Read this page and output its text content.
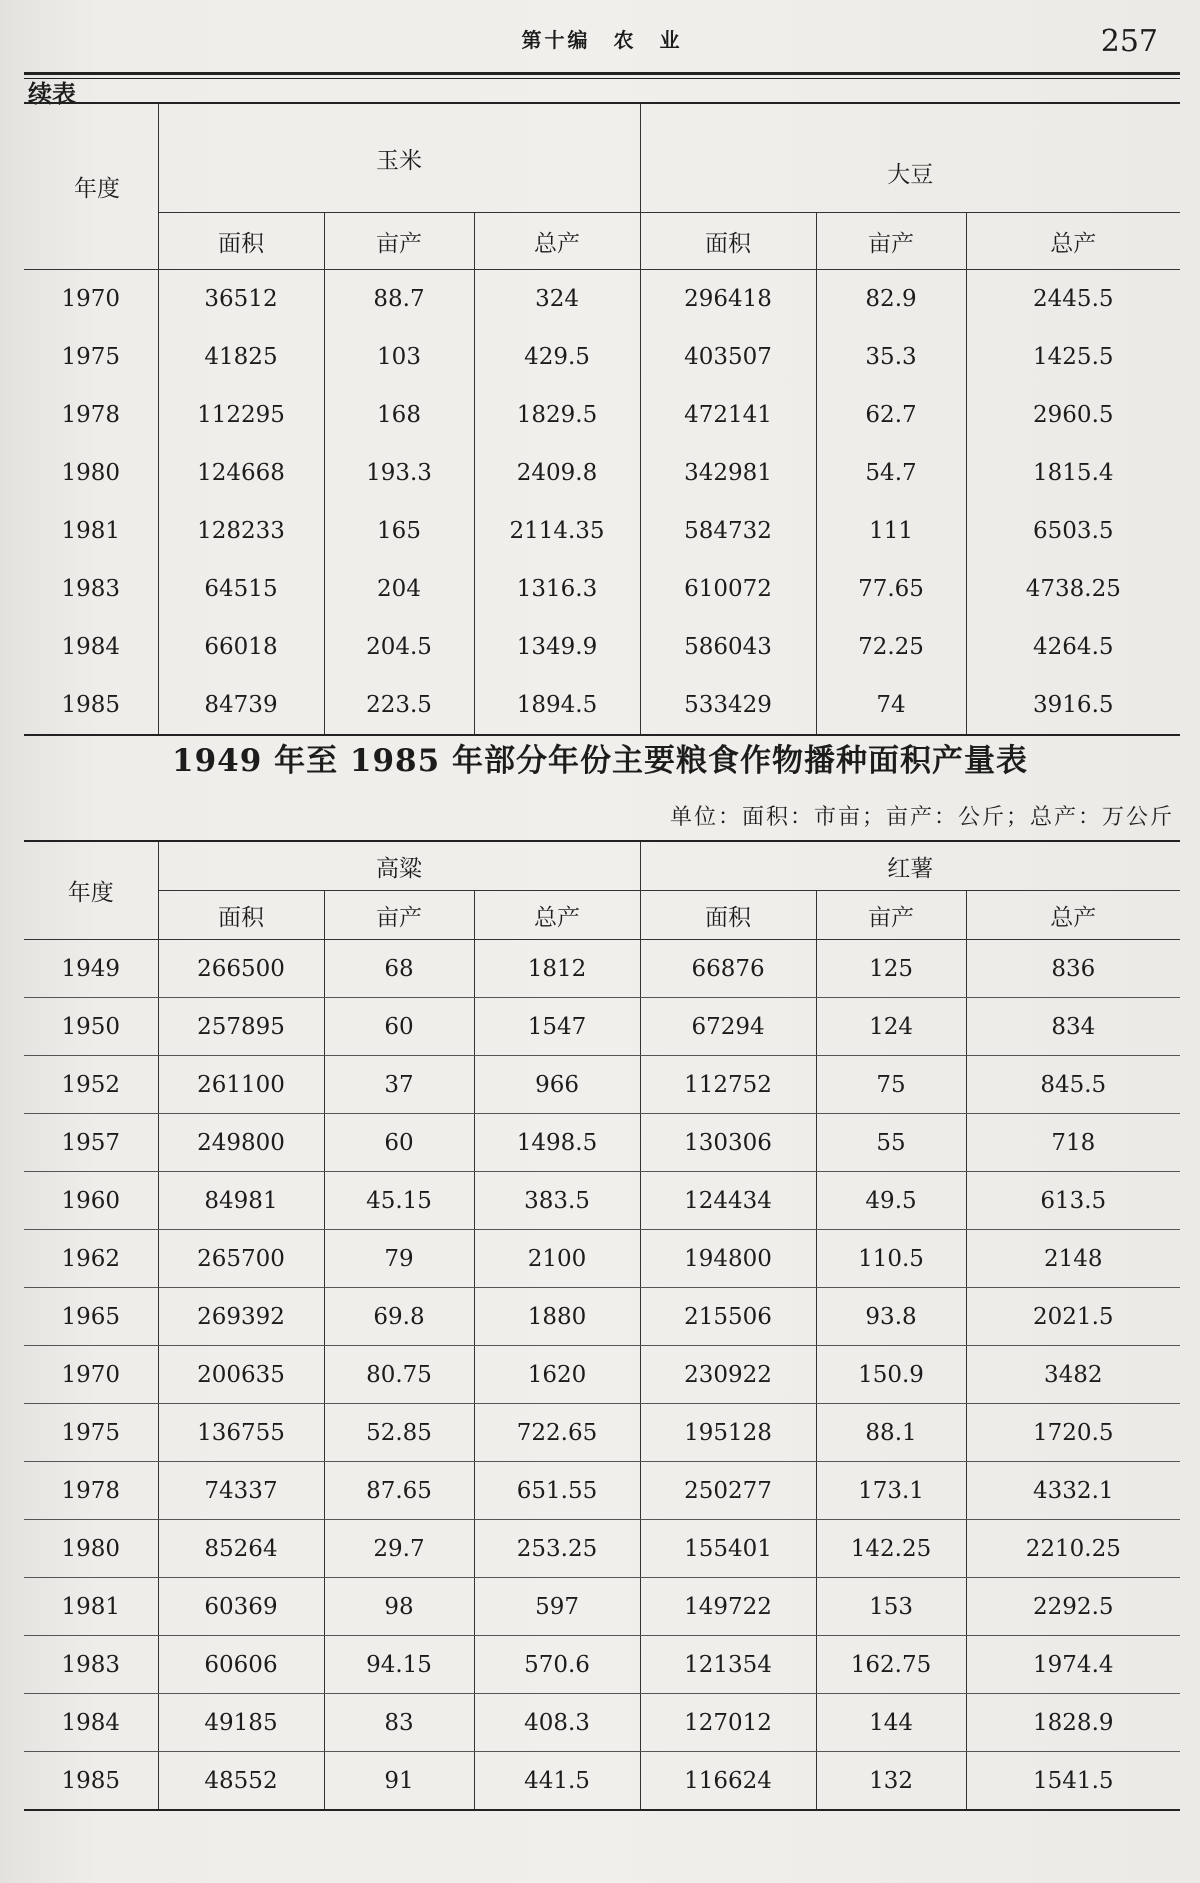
第十编　农　业	257
续表
年度	玉米			大豆		
	面积	亩产	总产	面积	亩产	总产
1970	36512	88.7	324	296418	82.9	2445.5
1975	41825	103	429.5	403507	35.3	1425.5
1978	112295	168	1829.5	472141	62.7	2960.5
1980	124668	193.3	2409.8	342981	54.7	1815.4
1981	128233	165	2114.35	584732	111	6503.5
1983	64515	204	1316.3	610072	77.65	4738.25
1984	66018	204.5	1349.9	586043	72.25	4264.5
1985	84739	223.5	1894.5	533429	74	3916.5
1949 年至 1985 年部分年份主要粮食作物播种面积产量表
单位：面积：市亩；亩产：公斤；总产：万公斤
年度	高粱			红薯		
	面积	亩产	总产	面积	亩产	总产
1949	266500	68	1812	66876	125	836
1950	257895	60	1547	67294	124	834
1952	261100	37	966	112752	75	845.5
1957	249800	60	1498.5	130306	55	718
1960	84981	45.15	383.5	124434	49.5	613.5
1962	265700	79	2100	194800	110.5	2148
1965	269392	69.8	1880	215506	93.8	2021.5
1970	200635	80.75	1620	230922	150.9	3482
1975	136755	52.85	722.65	195128	88.1	1720.5
1978	74337	87.65	651.55	250277	173.1	4332.1
1980	85264	29.7	253.25	155401	142.25	2210.25
1981	60369	98	597	149722	153	2292.5
1983	60606	94.15	570.6	121354	162.75	1974.4
1984	49185	83	408.3	127012	144	1828.9
1985	48552	91	441.5	116624	132	1541.5
